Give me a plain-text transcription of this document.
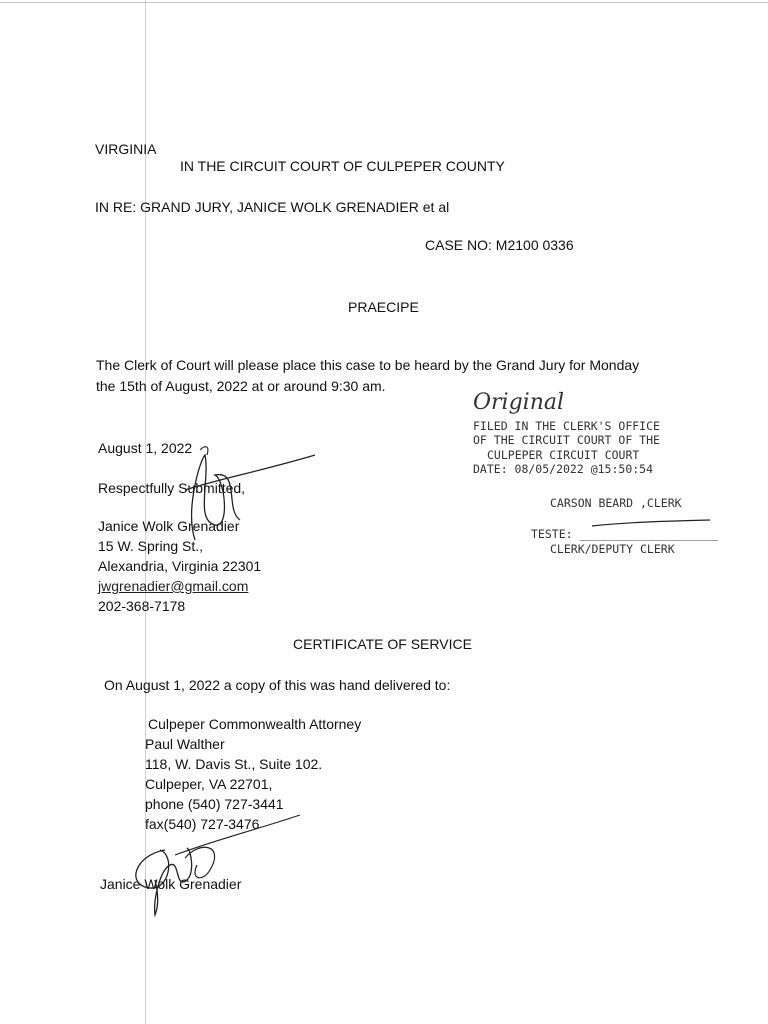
VIRGINIA
IN THE CIRCUIT COURT OF CULPEPER COUNTY
IN RE: GRAND JURY, JANICE WOLK GRENADIER et al
CASE NO: M2100 0336
PRAECIPE
The Clerk of Court will please place this case to be heard by the Grand Jury for Monday
the 15th of August, 2022 at or around 9:30 am.
August 1, 2022
Respectfully Submitted,
Janice Wolk Grenadier
15 W. Spring St.,
Alexandria, Virginia 22301
jwgrenadier@gmail.com
202-368-7178
Original
FILED IN THE CLERK'S OFFICE
OF THE CIRCUIT COURT OF THE
CULPEPER CIRCUIT COURT
DATE: 08/05/2022 @15:50:54
CARSON BEARD ,CLERK
TESTE: ____________________
CLERK/DEPUTY CLERK
CERTIFICATE OF SERVICE
On August 1, 2022 a copy of this was hand delivered to:
Culpeper Commonwealth Attorney
Paul Walther
118, W. Davis St., Suite 102.
Culpeper, VA 22701,
phone (540) 727-3441
fax(540) 727-3476
Janice Wolk Grenadier
